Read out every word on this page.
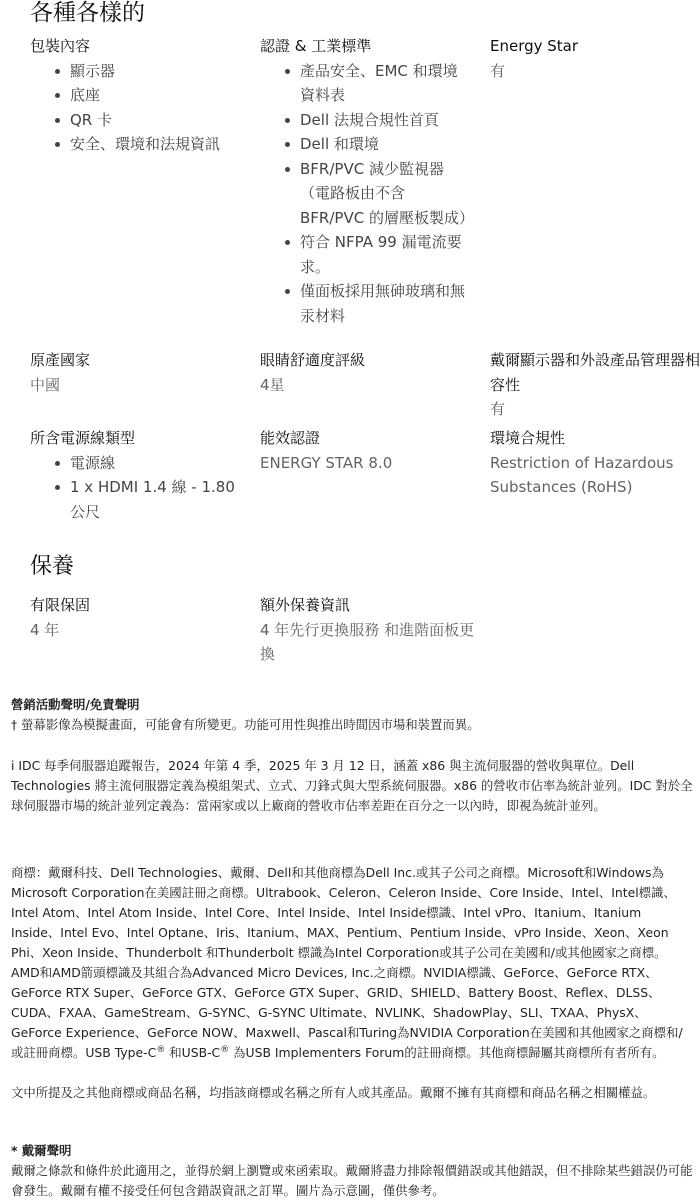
各種各樣的
包裝內容
顯示器
底座
QR 卡
安全、環境和法規資訊
認證 & 工業標準
產品安全、EMC 和環境資料表
Dell 法規合規性首頁
Dell 和環境
BFR/PVC 減少監視器（電路板由不含 BFR/PVC 的層壓板製成）
符合 NFPA 99 漏電流要求。
僅面板採用無砷玻璃和無汞材料
Energy Star
有
原產國家
中國
眼睛舒適度評級
4星
戴爾顯示器和外設產品管理器相容性
有
所含電源線類型
電源線
1 x HDMI 1.4 線 - 1.80 公尺
能效認證
ENERGY STAR 8.0
環境合規性
Restriction of Hazardous Substances (RoHS)
保養
有限保固
4 年
額外保養資訊
4 年先行更換服務 和進階面板更換
營銷活動聲明/免責聲明
† 螢幕影像為模擬畫面，可能會有所變更。功能可用性與推出時間因市場和裝置而異。
i IDC 每季伺服器追蹤報告，2024 年第 4 季，2025 年 3 月 12 日，涵蓋 x86 與主流伺服器的營收與單位。Dell Technologies 將主流伺服器定義為模組架式、立式、刀鋒式與大型系統伺服器。x86 的營收市佔率為統計並列。IDC 對於全球伺服器市場的統計並列定義為：當兩家或以上廠商的營收市佔率差距在百分之一以內時，即視為統計並列。
商標：戴爾科技、Dell Technologies、戴爾、Dell和其他商標為Dell Inc.或其子公司之商標。Microsoft和Windows為Microsoft Corporation在美國註冊之商標。Ultrabook、Celeron、Celeron Inside、Core Inside、Intel、Intel標識、Intel Atom、Intel Atom Inside、Intel Core、Intel Inside、Intel Inside標識、Intel vPro、Itanium、Itanium Inside、Intel Evo、Intel Optane、Iris、Itanium、MAX、Pentium、Pentium Inside、vPro Inside、Xeon、Xeon Phi、Xeon Inside、Thunderbolt 和Thunderbolt 標識為Intel Corporation或其子公司在美國和/或其他國家之商標。AMD和AMD箭頭標識及其組合為Advanced Micro Devices, Inc.之商標。NVIDIA標識、GeForce、GeForce RTX、GeForce RTX Super、GeForce GTX、GeForce GTX Super、GRID、SHIELD、Battery Boost、Reflex、DLSS、CUDA、FXAA、GameStream、G-SYNC、G-SYNC Ultimate、NVLINK、ShadowPlay、SLI、TXAA、PhysX、GeForce Experience、GeForce NOW、Maxwell、Pascal和Turing為NVIDIA Corporation在美國和其他國家之商標和/或註冊商標。USB Type-C® 和USB-C® 為USB Implementers Forum的註冊商標。其他商標歸屬其商標所有者所有。
文中所提及之其他商標或商品名稱，均指該商標或名稱之所有人或其產品。戴爾不擁有其商標和商品名稱之相關權益。
* 戴爾聲明
戴爾之條款和條件於此適用之，並得於網上瀏覽或來函索取。戴爾將盡力排除報價錯誤或其他錯誤，但不排除某些錯誤仍可能會發生。戴爾有權不接受任何包含錯誤資訊之訂單。圖片為示意圖，僅供參考。
